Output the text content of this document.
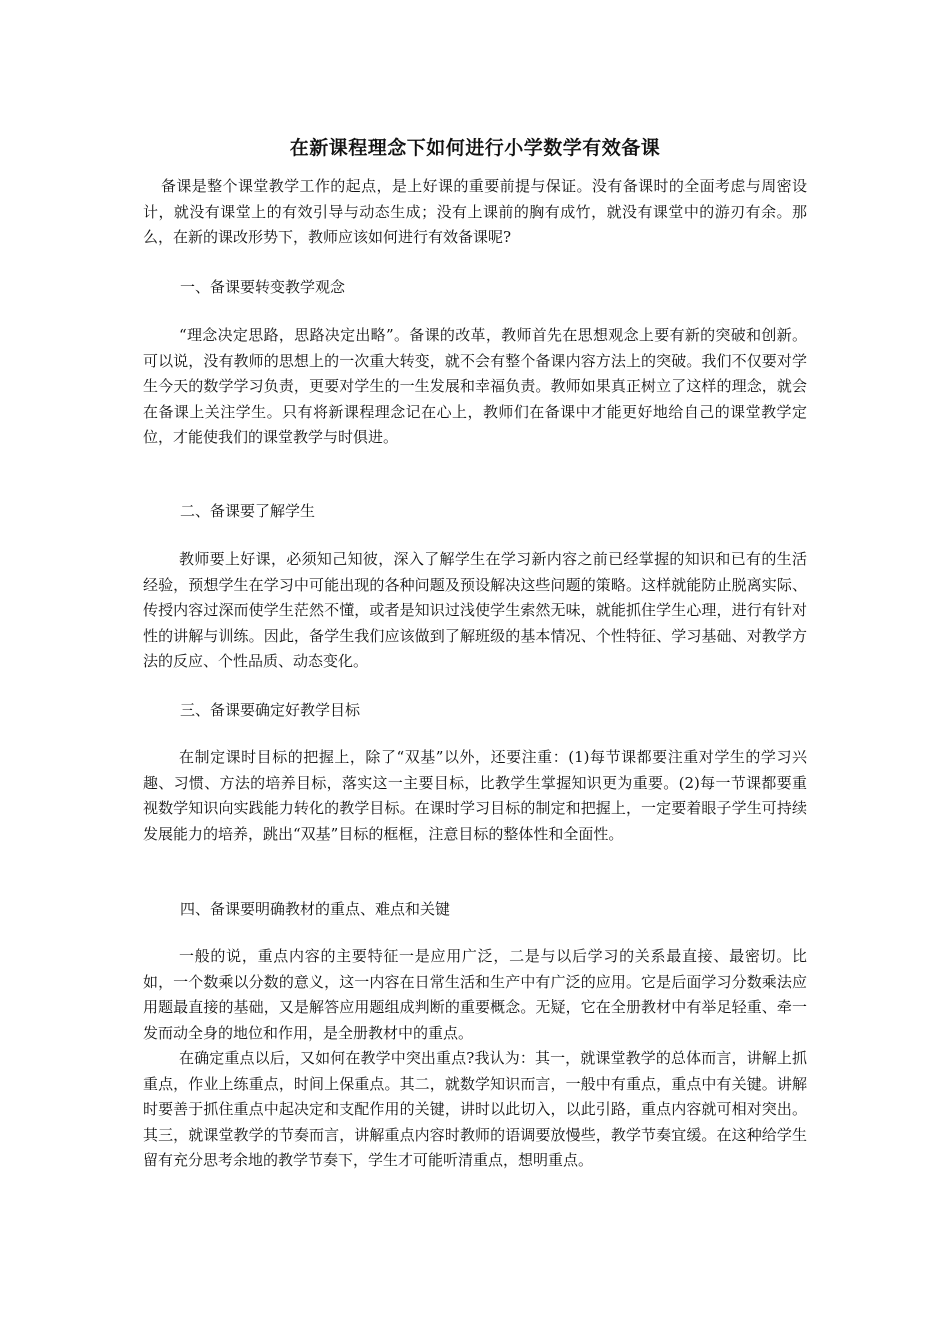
在新课程理念下如何进行小学数学有效备课

备课是整个课堂教学工作的起点，是上好课的重要前提与保证。没有备课时的全面考虑与周密设计，就没有课堂上的有效引导与动态生成；没有上课前的胸有成竹，就没有课堂中的游刃有余。那么，在新的课改形势下，教师应该如何进行有效备课呢?

一、备课要转变教学观念

“理念决定思路，思路决定出略”。备课的改革，教师首先在思想观念上要有新的突破和创新。可以说，没有教师的思想上的一次重大转变，就不会有整个备课内容方法上的突破。我们不仅要对学生今天的数学学习负责，更要对学生的一生发展和幸福负责。教师如果真正树立了这样的理念，就会在备课上关注学生。只有将新课程理念记在心上，教师们在备课中才能更好地给自己的课堂教学定位，才能使我们的课堂教学与时俱进。

二、备课要了解学生

教师要上好课，必须知己知彼，深入了解学生在学习新内容之前已经掌握的知识和已有的生活经验，预想学生在学习中可能出现的各种问题及预设解决这些问题的策略。这样就能防止脱离实际、传授内容过深而使学生茫然不懂，或者是知识过浅使学生索然无味，就能抓住学生心理，进行有针对性的讲解与训练。因此，备学生我们应该做到了解班级的基本情况、个性特征、学习基础、对教学方法的反应、个性品质、动态变化。

三、备课要确定好教学目标

在制定课时目标的把握上，除了“双基”以外，还要注重：(1)每节课都要注重对学生的学习兴趣、习惯、方法的培养目标，落实这一主要目标，比教学生掌握知识更为重要。(2)每一节课都要重视数学知识向实践能力转化的教学目标。在课时学习目标的制定和把握上，一定要着眼子学生可持续发展能力的培养，跳出“双基”目标的框框，注意目标的整体性和全面性。

四、备课要明确教材的重点、难点和关键

一般的说，重点内容的主要特征一是应用广泛，二是与以后学习的关系最直接、最密切。比如，一个数乘以分数的意义，这一内容在日常生活和生产中有广泛的应用。它是后面学习分数乘法应用题最直接的基础，又是解答应用题组成判断的重要概念。无疑，它在全册教材中有举足轻重、牵一发而动全身的地位和作用，是全册教材中的重点。

在确定重点以后，又如何在教学中突出重点?我认为：其一，就课堂教学的总体而言，讲解上抓重点，作业上练重点，时间上保重点。其二，就数学知识而言，一般中有重点，重点中有关键。讲解时要善于抓住重点中起决定和支配作用的关键，讲时以此切入，以此引路，重点内容就可相对突出。其三，就课堂教学的节奏而言，讲解重点内容时教师的语调要放慢些，教学节奏宜缓。在这种给学生留有充分思考余地的教学节奏下，学生才可能听清重点，想明重点。
